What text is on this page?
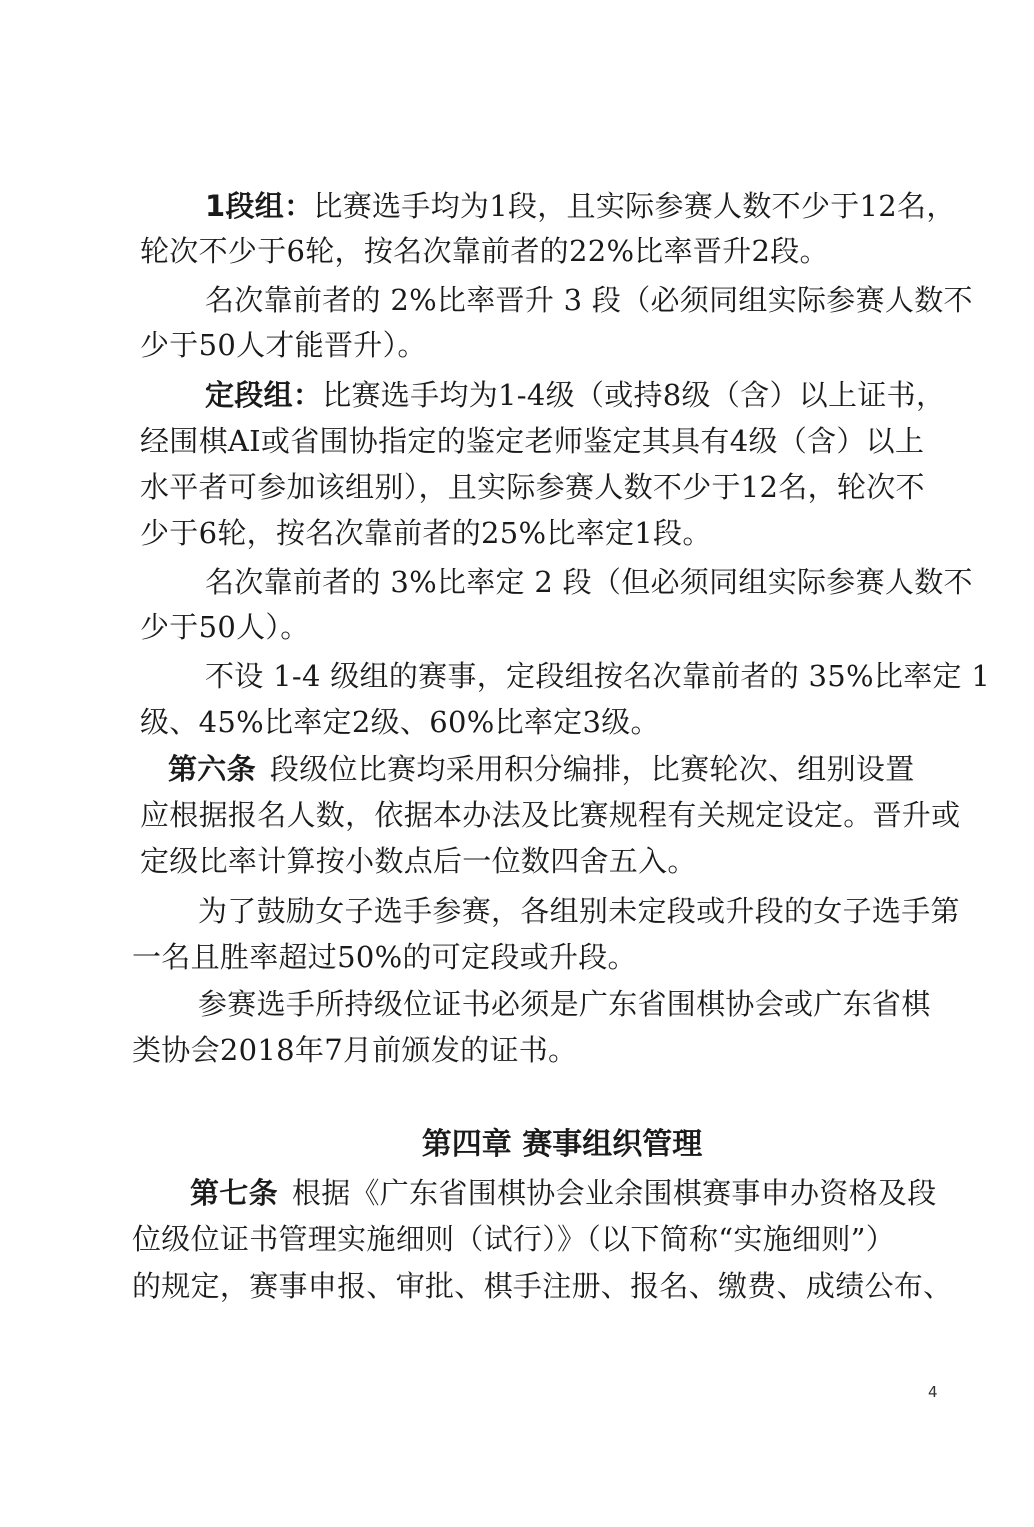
1段组：比赛选手均为1段，且实际参赛人数不少于12名，
轮次不少于6轮，按名次靠前者的22%比率晋升2段。
名次靠前者的 2%比率晋升 3 段（必须同组实际参赛人数不
少于50人才能晋升）。
定段组：比赛选手均为1-4级（或持8级（含）以上证书，
经围棋AI或省围协指定的鉴定老师鉴定其具有4级（含）以上
水平者可参加该组别），且实际参赛人数不少于12名，轮次不
少于6轮，按名次靠前者的25%比率定1段。
名次靠前者的 3%比率定 2 段（但必须同组实际参赛人数不
少于50人）。
不设 1-4 级组的赛事，定段组按名次靠前者的 35%比率定 1
级、45%比率定2级、60%比率定3级。
第六条 段级位比赛均采用积分编排，比赛轮次、组别设置
应根据报名人数，依据本办法及比赛规程有关规定设定。晋升或
定级比率计算按小数点后一位数四舍五入。
为了鼓励女子选手参赛，各组别未定段或升段的女子选手第
一名且胜率超过50%的可定段或升段。
参赛选手所持级位证书必须是广东省围棋协会或广东省棋
类协会2018年7月前颁发的证书。
第四章 赛事组织管理
第七条 根据《广东省围棋协会业余围棋赛事申办资格及段
位级位证书管理实施细则（试行）》（以下简称“实施细则”）
的规定，赛事申报、审批、棋手注册、报名、缴费、成绩公布、
4
